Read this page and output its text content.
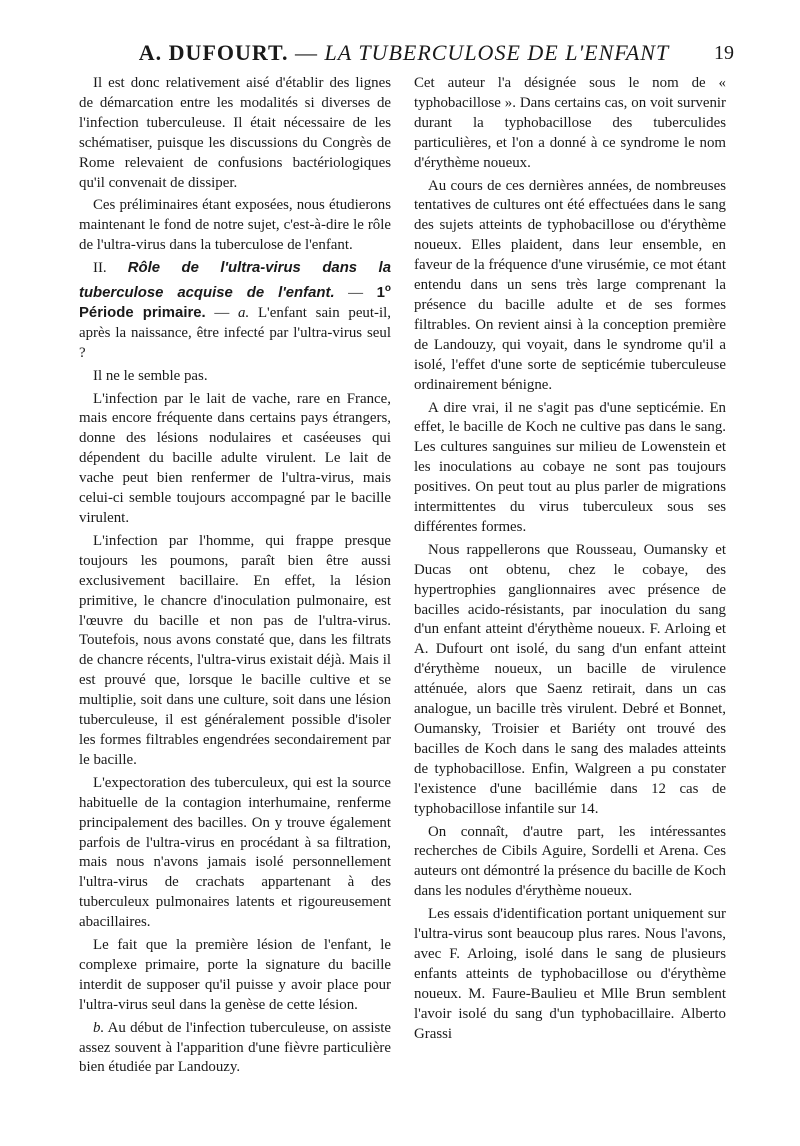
A. DUFOURT. — LA TUBERCULOSE DE L'ENFANT	19

Il est donc relativement aisé d'établir des lignes de démarcation entre les modalités si diverses de l'infection tuberculeuse. Il était nécessaire de les schématiser, puisque les discussions du Congrès de Rome relevaient de confusions bactériologiques qu'il convenait de dissiper.

Ces préliminaires étant exposées, nous étudierons maintenant le fond de notre sujet, c'est-à-dire le rôle de l'ultra-virus dans la tuberculose de l'enfant.

II. Rôle de l'ultra-virus dans la tuberculose acquise de l'enfant. — 1$^o$ Période primaire. — a. L'enfant sain peut-il, après la naissance, être infecté par l'ultra-virus seul ?

Il ne le semble pas.

L'infection par le lait de vache, rare en France, mais encore fréquente dans certains pays étrangers, donne des lésions nodulaires et caséeuses qui dépendent du bacille adulte virulent. Le lait de vache peut bien renfermer de l'ultra-virus, mais celui-ci semble toujours accompagné par le bacille virulent.

L'infection par l'homme, qui frappe presque toujours les poumons, paraît bien être aussi exclusivement bacillaire. En effet, la lésion primitive, le chancre d'inoculation pulmonaire, est l'œuvre du bacille et non pas de l'ultra-virus. Toutefois, nous avons constaté que, dans les filtrats de chancre récents, l'ultra-virus existait déjà. Mais il est prouvé que, lorsque le bacille cultive et se multiplie, soit dans une culture, soit dans une lésion tuberculeuse, il est généralement possible d'isoler les formes filtrables engendrées secondairement par le bacille.

L'expectoration des tuberculeux, qui est la source habituelle de la contagion interhumaine, renferme principalement des bacilles. On y trouve également parfois de l'ultra-virus en procédant à sa filtration, mais nous n'avons jamais isolé personnellement l'ultra-virus de crachats appartenant à des tuberculeux pulmonaires latents et rigoureusement abacillaires.

Le fait que la première lésion de l'enfant, le complexe primaire, porte la signature du bacille interdit de supposer qu'il puisse y avoir place pour l'ultra-virus seul dans la genèse de cette lésion.

b. Au début de l'infection tuberculeuse, on assiste assez souvent à l'apparition d'une fièvre particulière bien étudiée par Landouzy.

Cet auteur l'a désignée sous le nom de « typhobacillose ». Dans certains cas, on voit survenir durant la typhobacillose des tuberculides particulières, et l'on a donné à ce syndrome le nom d'érythème noueux.

Au cours de ces dernières années, de nombreuses tentatives de cultures ont été effectuées dans le sang des sujets atteints de typhobacillose ou d'érythème noueux. Elles plaident, dans leur ensemble, en faveur de la fréquence d'une virusémie, ce mot étant entendu dans un sens très large comprenant la présence du bacille adulte et de ses formes filtrables. On revient ainsi à la conception première de Landouzy, qui voyait, dans le syndrome qu'il a isolé, l'effet d'une sorte de septicémie tuberculeuse ordinairement bénigne.

A dire vrai, il ne s'agit pas d'une septicémie. En effet, le bacille de Koch ne cultive pas dans le sang. Les cultures sanguines sur milieu de Lowenstein et les inoculations au cobaye ne sont pas toujours positives. On peut tout au plus parler de migrations intermittentes du virus tuberculeux sous ses différentes formes.

Nous rappellerons que Rousseau, Oumansky et Ducas ont obtenu, chez le cobaye, des hypertrophies ganglionnaires avec présence de bacilles acido-résistants, par inoculation du sang d'un enfant atteint d'érythème noueux. F. Arloing et A. Dufourt ont isolé, du sang d'un enfant atteint d'érythème noueux, un bacille de virulence atténuée, alors que Saenz retirait, dans un cas analogue, un bacille très virulent. Debré et Bonnet, Oumansky, Troisier et Bariéty ont trouvé des bacilles de Koch dans le sang des malades atteints de typhobacillose. Enfin, Walgreen a pu constater l'existence d'une bacillémie dans 12 cas de typhobacillose infantile sur 14.

On connaît, d'autre part, les intéressantes recherches de Cibils Aguire, Sordelli et Arena. Ces auteurs ont démontré la présence du bacille de Koch dans les nodules d'érythème noueux.

Les essais d'identification portant uniquement sur l'ultra-virus sont beaucoup plus rares. Nous l'avons, avec F. Arloing, isolé dans le sang de plusieurs enfants atteints de typhobacillose ou d'érythème noueux. M. Faure-Baulieu et Mlle Brun semblent l'avoir isolé du sang d'un typhobacillaire. Alberto Grassi
